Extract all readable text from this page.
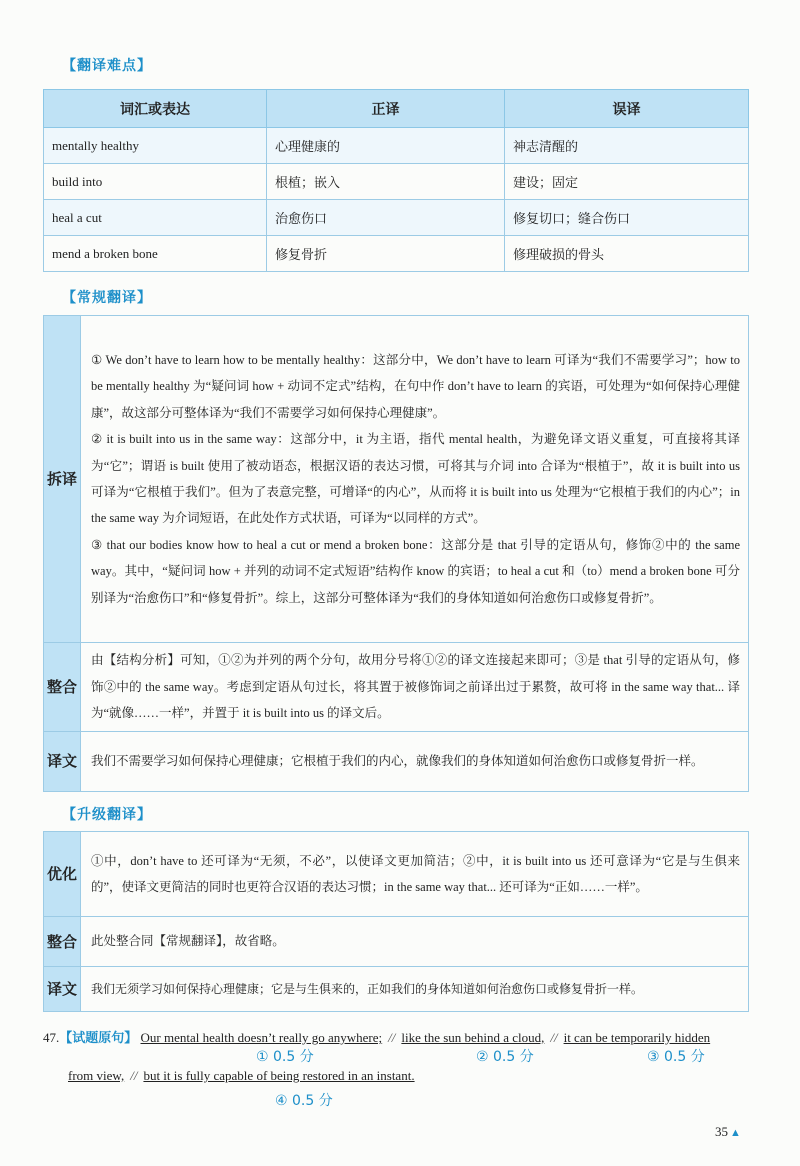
【翻译难点】
词汇或表达	正译	误译
mentally healthy	心理健康的	神志清醒的
build into	根植；嵌入	建设；固定
heal a cut	治愈伤口	修复切口；缝合伤口
mend a broken bone	修复骨折	修理破损的骨头
【常规翻译】
拆译	① We don’t have to learn how to be mentally healthy：这部分中，We don’t have to learn 可译为“我们不需要学习”；how to be mentally healthy 为“疑问词 how + 动词不定式”结构，在句中作 don’t have to learn 的宾语，可处理为“如何保持心理健康”，故这部分可整体译为“我们不需要学习如何保持心理健康”。

② it is built into us in the same way：这部分中，it 为主语，指代 mental health，为避免译文语义重复，可直接将其译为“它”；谓语 is built 使用了被动语态，根据汉语的表达习惯，可将其与介词 into 合译为“根植于”，故 it is built into us 可译为“它根植于我们”。但为了表意完整，可增译“的内心”，从而将 it is built into us 处理为“它根植于我们的内心”；in the same way 为介词短语，在此处作方式状语，可译为“以同样的方式”。

③ that our bodies know how to heal a cut or mend a broken bone：这部分是 that 引导的定语从句，修饰②中的 the same way。其中，“疑问词 how + 并列的动词不定式短语”结构作 know 的宾语；to heal a cut 和（to）mend a broken bone 可分别译为“治愈伤口”和“修复骨折”。综上，这部分可整体译为“我们的身体知道如何治愈伤口或修复骨折”。

整合	由【结构分析】可知，①②为并列的两个分句，故用分号将①②的译文连接起来即可；③是 that 引导的定语从句，修饰②中的 the same way。考虑到定语从句过长，将其置于被修饰词之前译出过于累赘，故可将 in the same way that... 译为“就像……一样”，并置于 it is built into us 的译文后。
译文	我们不需要学习如何保持心理健康；它根植于我们的内心，就像我们的身体知道如何治愈伤口或修复骨折一样。
【升级翻译】
优化	①中，don’t have to 还可译为“无须，不必”，以使译文更加简洁；②中，it is built into us 还可意译为“它是与生俱来的”，使译文更简洁的同时也更符合汉语的表达习惯；in the same way that... 还可译为“正如……一样”。
整合	此处整合同【常规翻译】，故省略。
译文	我们无须学习如何保持心理健康；它是与生俱来的，正如我们的身体知道如何治愈伤口或修复骨折一样。
47.【试题原句】 Our mental health doesn’t really go anywhere; // like the sun behind a cloud, // it can be temporarily hidden
① 0.5 分	② 0.5 分	③ 0.5 分
from view, // but it is fully capable of being restored in an instant.
④ 0.5 分
35 ▲
